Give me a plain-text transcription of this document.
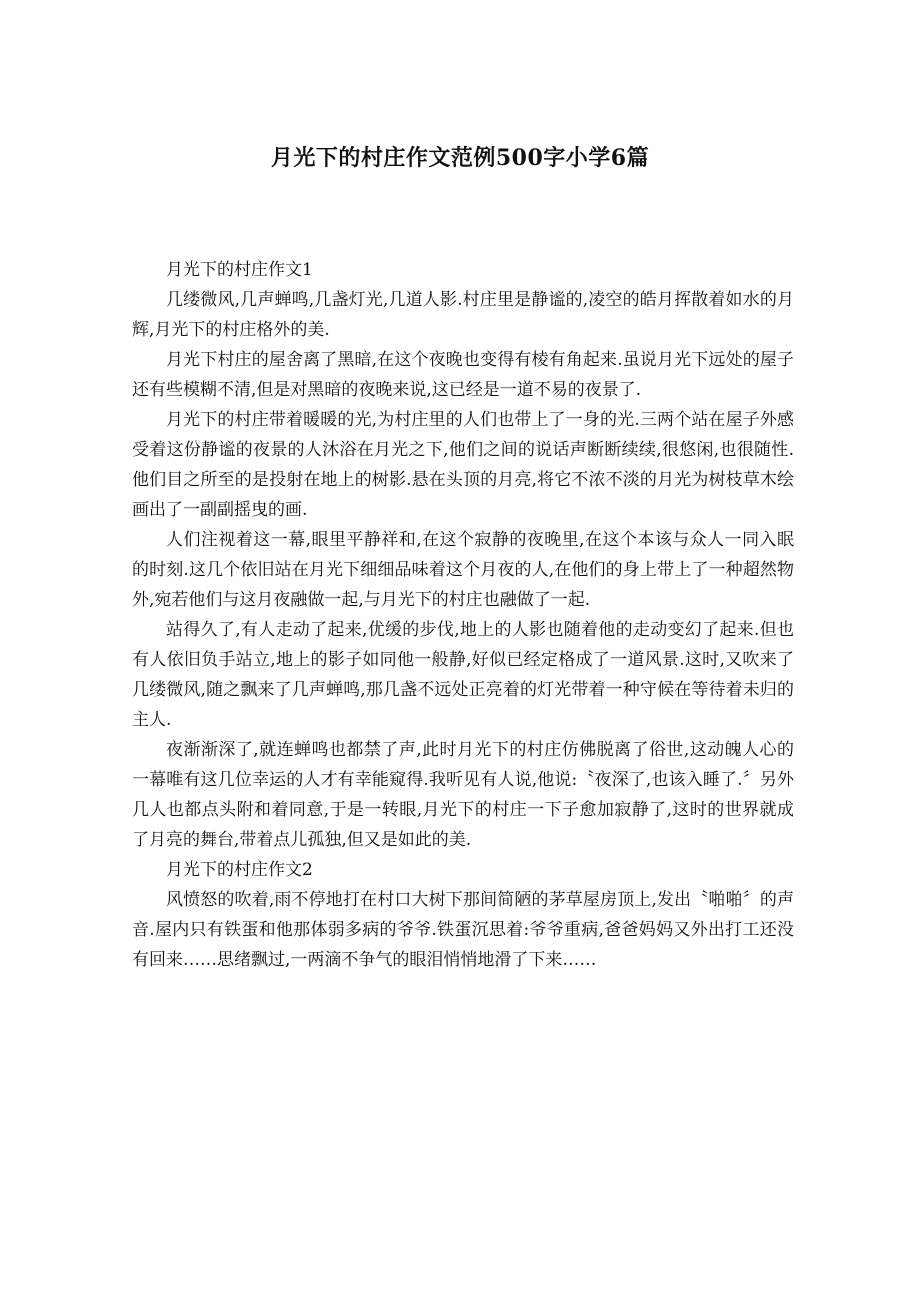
月光下的村庄作文范例500字小学6篇

月光下的村庄作文1

几缕微风,几声蝉鸣,几盏灯光,几道人影.村庄里是静谧的,凌空的皓月挥散着如水的月辉,月光下的村庄格外的美.

月光下村庄的屋舍离了黑暗,在这个夜晚也变得有棱有角起来.虽说月光下远处的屋子还有些模糊不清,但是对黑暗的夜晚来说,这已经是一道不易的夜景了.

月光下的村庄带着暖暖的光,为村庄里的人们也带上了一身的光.三两个站在屋子外感受着这份静谧的夜景的人沐浴在月光之下,他们之间的说话声断断续续,很悠闲,也很随性.他们目之所至的是投射在地上的树影.悬在头顶的月亮,将它不浓不淡的月光为树枝草木绘画出了一副副摇曳的画.

人们注视着这一幕,眼里平静祥和,在这个寂静的夜晚里,在这个本该与众人一同入眠的时刻.这几个依旧站在月光下细细品味着这个月夜的人,在他们的身上带上了一种超然物外,宛若他们与这月夜融做一起,与月光下的村庄也融做了一起.

站得久了,有人走动了起来,优缓的步伐,地上的人影也随着他的走动变幻了起来.但也有人依旧负手站立,地上的影子如同他一般静,好似已经定格成了一道风景.这时,又吹来了几缕微风,随之飘来了几声蝉鸣,那几盏不远处正亮着的灯光带着一种守候在等待着未归的主人.

夜渐渐深了,就连蝉鸣也都禁了声,此时月光下的村庄仿佛脱离了俗世,这动魄人心的一幕唯有这几位幸运的人才有幸能窥得.我听见有人说,他说:〝夜深了,也该入睡了.〞另外几人也都点头附和着同意,于是一转眼,月光下的村庄一下子愈加寂静了,这时的世界就成了月亮的舞台,带着点儿孤独,但又是如此的美.

月光下的村庄作文2

风愤怒的吹着,雨不停地打在村口大树下那间简陋的茅草屋房顶上,发出〝啪啪〞的声音.屋内只有铁蛋和他那体弱多病的爷爷.铁蛋沉思着:爷爷重病,爸爸妈妈又外出打工还没有回来……思绪飘过,一两滴不争气的眼泪悄悄地滑了下来……
